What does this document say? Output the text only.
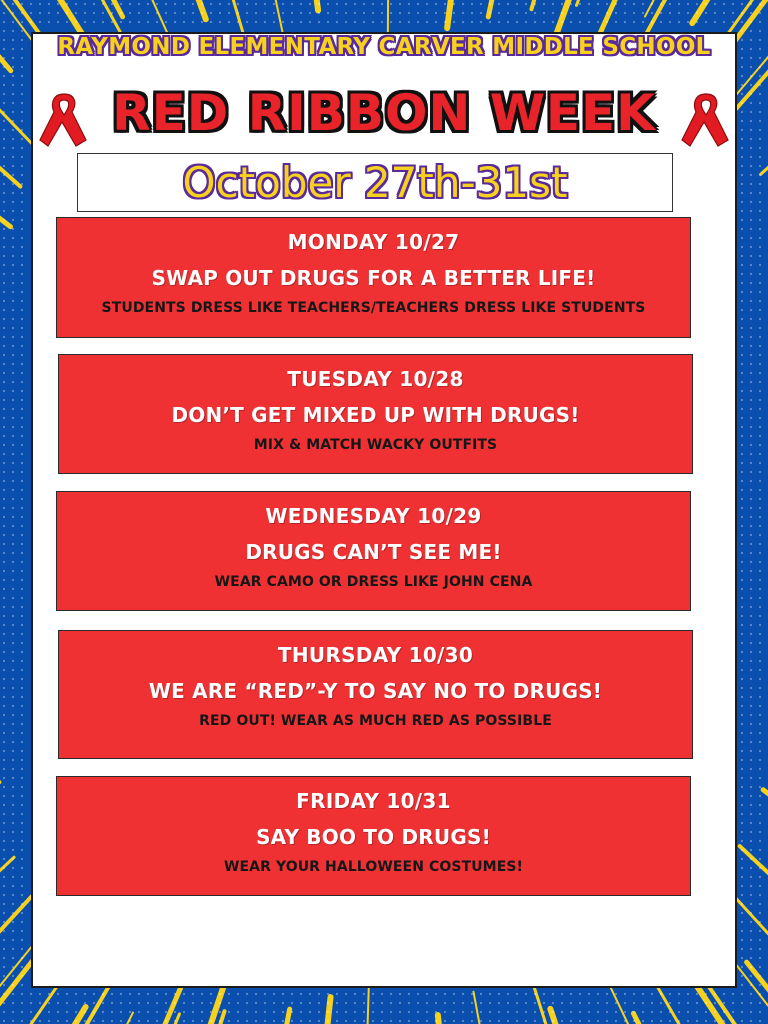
RAYMOND ELEMENTARY CARVER MIDDLE SCHOOL
RED RIBBON WEEK
October 27th-31st
MONDAY 10/27
SWAP OUT DRUGS FOR A BETTER LIFE!
STUDENTS DRESS LIKE TEACHERS/TEACHERS DRESS LIKE STUDENTS
TUESDAY 10/28
DON’T GET MIXED UP WITH DRUGS!
MIX & MATCH WACKY OUTFITS
WEDNESDAY 10/29
DRUGS CAN’T SEE ME!
WEAR CAMO OR DRESS LIKE JOHN CENA
THURSDAY 10/30
WE ARE “RED”-Y TO SAY NO TO DRUGS!
RED OUT! WEAR AS MUCH RED AS POSSIBLE
FRIDAY 10/31
SAY BOO TO DRUGS!
WEAR YOUR HALLOWEEN COSTUMES!
